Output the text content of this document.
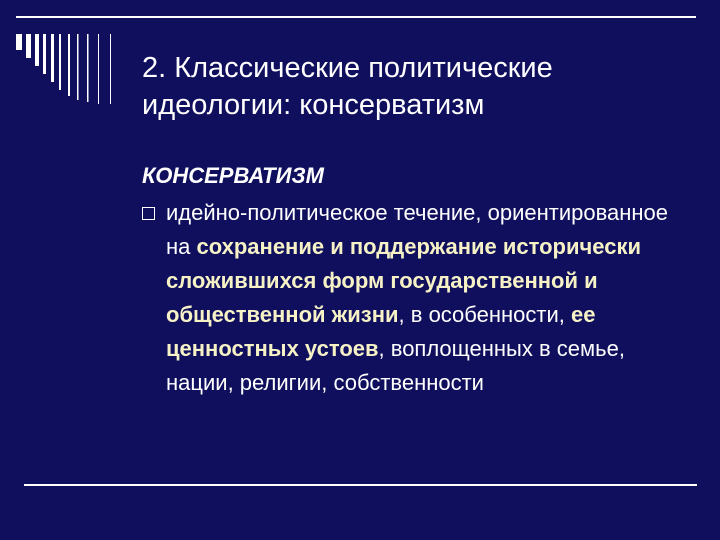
2. Классические политические
идеологии: консерватизм
КОНСЕРВАТИЗМ

идейно-политическое течение, ориентированное на сохранение и поддержание исторически сложившихся форм государственной и общественной жизни, в особенности, ее ценностных устоев, воплощенных в семье, нации, религии, собственности
